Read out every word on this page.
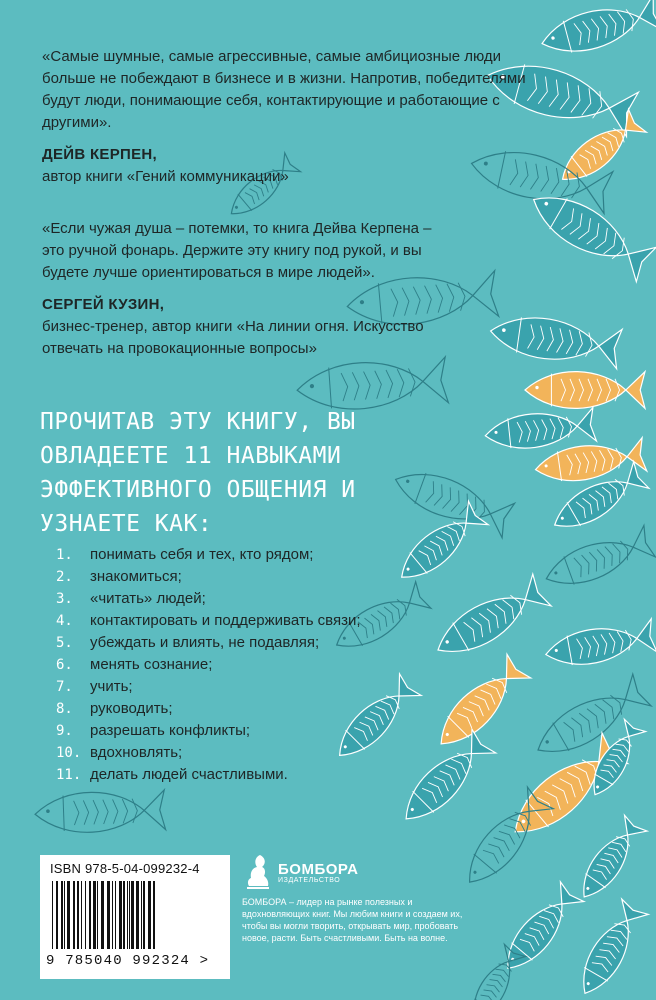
«Самые шумные, самые агрессивные, самые амбициозные люди больше не побеждают в бизнесе и в жизни. Напротив, победителями будут люди, понимающие себя, контактирующие и работающие с другими».
ДЕЙВ КЕРПЕН,
автор книги «Гений коммуникации»
«Если чужая душа – потемки, то книга Дейва Керпена – это ручной фонарь. Держите эту книгу под рукой, и вы будете лучше ориентироваться в мире людей».
СЕРГЕЙ КУЗИН,
бизнес-тренер, автор книги «На линии огня. Искусство отвечать на провокационные вопросы»
ПРОЧИТАВ ЭТУ КНИГУ, ВЫ ОВЛАДЕЕТЕ 11 НАВЫКАМИ ЭФФЕКТИВНОГО ОБЩЕНИЯ И УЗНАЕТЕ КАК:
1.	понимать себя и тех, кто рядом;
2.	знакомиться;
3.	«читать» людей;
4.	контактировать и поддерживать связи;
5.	убеждать и влиять, не подавляя;
6.	менять сознание;
7.	учить;
8.	руководить;
9.	разрешать конфликты;
10. вдохновлять;
11. делать людей счастливыми.
ISBN 978-5-04-099232-4
9 785040 992324 >
БОМБОРА
ИЗДАТЕЛЬСТВО
БОМБОРА – лидер на рынке полезных и вдохновляющих книг. Мы любим книги и создаем их, чтобы вы могли творить, открывать мир, пробовать новое, расти. Быть счастливыми. Быть на волне.
